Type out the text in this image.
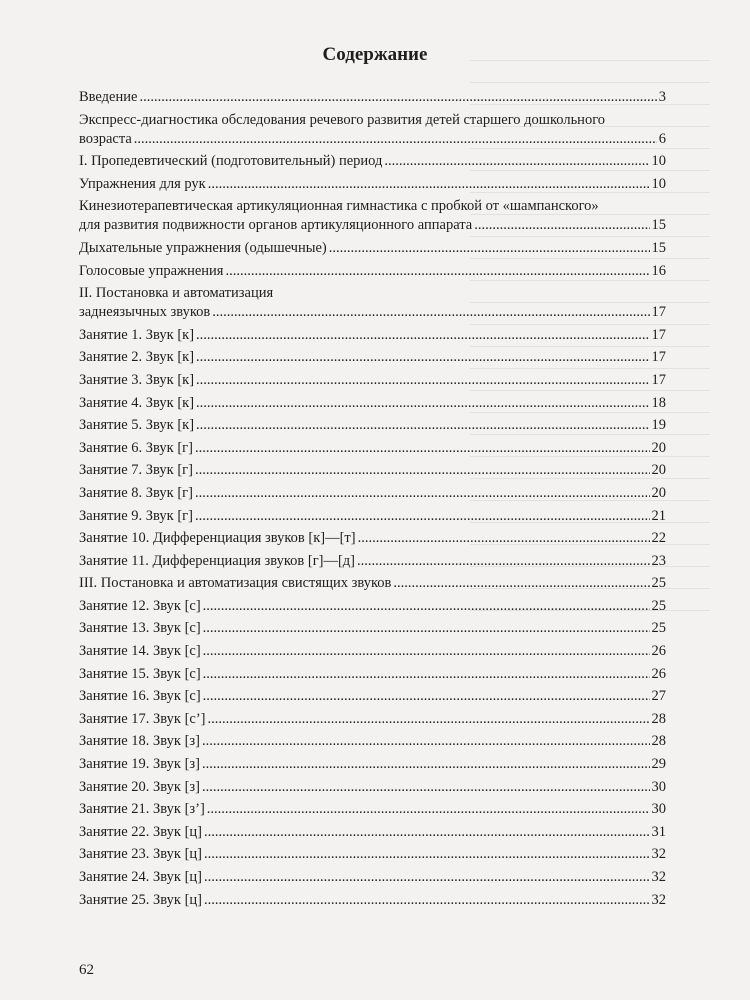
Содержание
Введение .....	3
Экспресс-диагностика обследования речевого развития детей старшего дошкольного
возраста .....	6
I. Пропедевтический (подготовительный) период .....	10
Упражнения для рук .....	10
Кинезиотерапевтическая артикуляционная гимнастика с пробкой от «шампанского»
для развития подвижности органов артикуляционного аппарата .....	15
Дыхательные упражнения (одышечные) .....	15
Голосовые упражнения .....	16
II. Постановка и автоматизация
заднеязычных звуков .....	17
Занятие 1. Звук [к] .....	17
Занятие 2. Звук [к] .....	17
Занятие 3. Звук [к] .....	17
Занятие 4. Звук [к] .....	18
Занятие 5. Звук [к] .....	19
Занятие 6. Звук [г] .....	20
Занятие 7. Звук [г] .....	20
Занятие 8. Звук [г] .....	20
Занятие 9. Звук [г] .....	21
Занятие 10. Дифференциация звуков [к]—[т] .....	22
Занятие 11. Дифференциация звуков [г]—[д] .....	23
III. Постановка и автоматизация свистящих звуков .....	25
Занятие 12. Звук [с] .....	25
Занятие 13. Звук [с] .....	25
Занятие 14. Звук [с] .....	26
Занятие 15. Звук [с] .....	26
Занятие 16. Звук [с] .....	27
Занятие 17. Звук [с’] .....	28
Занятие 18. Звук [з] .....	28
Занятие 19. Звук [з] .....	29
Занятие 20. Звук [з] .....	30
Занятие 21. Звук [з’] .....	30
Занятие 22. Звук [ц] .....	31
Занятие 23. Звук [ц] .....	32
Занятие 24. Звук [ц] .....	32
Занятие 25. Звук [ц] .....	32
62
